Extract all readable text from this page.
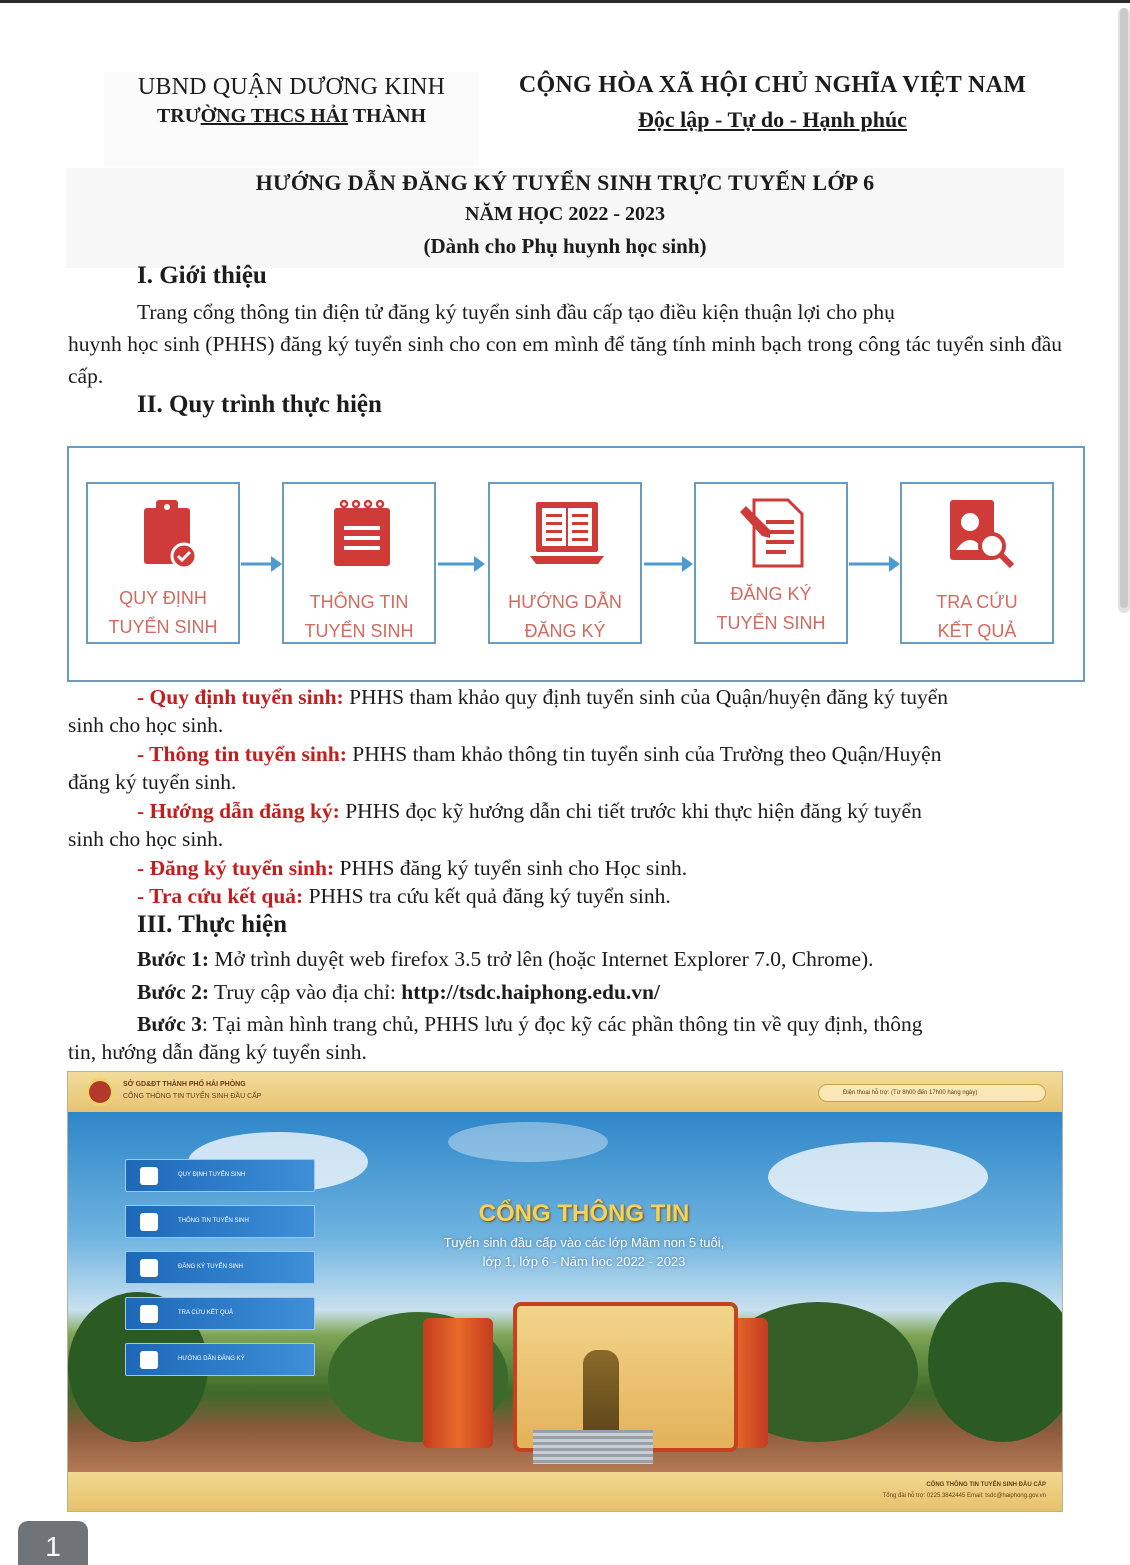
UBND QUẬN DƯƠNG KINH
TRƯỜNG THCS HẢI THÀNH
CỘNG HÒA XÃ HỘI CHỦ NGHĨA VIỆT NAM
Độc lập - Tự do - Hạnh phúc
HƯỚNG DẪN ĐĂNG KÝ TUYỂN SINH TRỰC TUYẾN LỚP 6
NĂM HỌC 2022 - 2023
(Dành cho Phụ huynh học sinh)
I. Giới thiệu
Trang cổng thông tin điện tử đăng ký tuyển sinh đầu cấp tạo điều kiện thuận lợi cho phụ
huynh học sinh (PHHS) đăng ký tuyển sinh cho con em mình để tăng tính minh bạch trong công tác tuyển sinh đầu cấp.
II. Quy trình thực hiện
QUY ĐỊNH
TUYỂN SINH
THÔNG TIN
TUYỂN SINH
HƯỚNG DẪN
ĐĂNG KÝ
ĐĂNG KÝ
TUYỂN SINH
TRA CỨU
KẾT QUẢ
- Quy định tuyển sinh: PHHS tham khảo quy định tuyển sinh của Quận/huyện đăng ký tuyển
sinh cho học sinh.
- Thông tin tuyển sinh: PHHS tham khảo thông tin tuyển sinh của Trường theo Quận/Huyện
đăng ký tuyển sinh.
- Hướng dẫn đăng ký: PHHS đọc kỹ hướng dẫn chi tiết trước khi thực hiện đăng ký tuyển
sinh cho học sinh.
- Đăng ký tuyển sinh: PHHS đăng ký tuyển sinh cho Học sinh.
- Tra cứu kết quả: PHHS tra cứu kết quả đăng ký tuyển sinh.
III. Thực hiện
Bước 1: Mở trình duyệt web firefox 3.5 trở lên (hoặc Internet Explorer 7.0, Chrome).
Bước 2: Truy cập vào địa chỉ: http://tsdc.haiphong.edu.vn/
Bước 3: Tại màn hình trang chủ, PHHS lưu ý đọc kỹ các phần thông tin về quy định, thông
tin, hướng dẫn đăng ký tuyển sinh.
SỞ GD&ĐT THÀNH PHỐ HẢI PHÒNG
CỔNG THÔNG TIN TUYỂN SINH ĐẦU CẤP	Điện thoại hỗ trợ: (Từ 8h00 đến 17h00 hàng ngày)
QUY ĐỊNH TUYỂN SINH
THÔNG TIN TUYỂN SINH
ĐĂNG KÝ TUYỂN SINH
TRA CỨU KẾT QUẢ
HƯỚNG DẪN ĐĂNG KÝ
CỔNG THÔNG TIN
Tuyển sinh đầu cấp vào các lớp Mầm non 5 tuổi,
lớp 1, lớp 6 - Năm học 2022 - 2023
CỔNG THÔNG TIN TUYỂN SINH ĐẦU CẤP
Tổng đài hỗ trợ: 0225.3842445 Email: tsdc@haiphong.gov.vn
1
